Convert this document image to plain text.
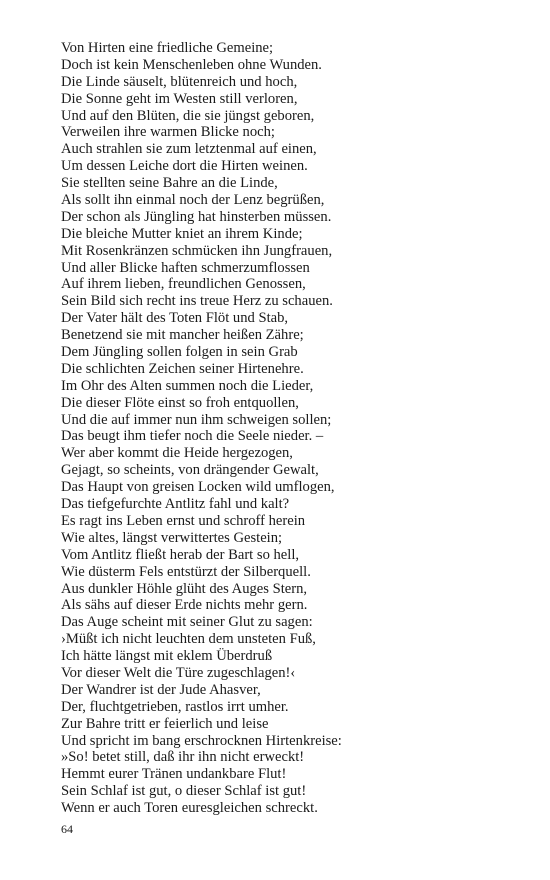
Von Hirten eine friedliche Gemeine;
Doch ist kein Menschenleben ohne Wunden.
Die Linde säuselt, blütenreich und hoch,
Die Sonne geht im Westen still verloren,
Und auf den Blüten, die sie jüngst geboren,
Verweilen ihre warmen Blicke noch;
Auch strahlen sie zum letztenmal auf einen,
Um dessen Leiche dort die Hirten weinen.
Sie stellten seine Bahre an die Linde,
Als sollt ihn einmal noch der Lenz begrüßen,
Der schon als Jüngling hat hinsterben müssen.
Die bleiche Mutter kniet an ihrem Kinde;
Mit Rosenkränzen schmücken ihn Jungfrauen,
Und aller Blicke haften schmerzumflossen
Auf ihrem lieben, freundlichen Genossen,
Sein Bild sich recht ins treue Herz zu schauen.
Der Vater hält des Toten Flöt und Stab,
Benetzend sie mit mancher heißen Zähre;
Dem Jüngling sollen folgen in sein Grab
Die schlichten Zeichen seiner Hirtenehre.
Im Ohr des Alten summen noch die Lieder,
Die dieser Flöte einst so froh entquollen,
Und die auf immer nun ihm schweigen sollen;
Das beugt ihm tiefer noch die Seele nieder. –
Wer aber kommt die Heide hergezogen,
Gejagt, so scheints, von drängender Gewalt,
Das Haupt von greisen Locken wild umflogen,
Das tiefgefurchte Antlitz fahl und kalt?
Es ragt ins Leben ernst und schroff herein
Wie altes, längst verwittertes Gestein;
Vom Antlitz fließt herab der Bart so hell,
Wie düsterm Fels entstürzt der Silberquell.
Aus dunkler Höhle glüht des Auges Stern,
Als sähs auf dieser Erde nichts mehr gern.
Das Auge scheint mit seiner Glut zu sagen:
›Müßt ich nicht leuchten dem unsteten Fuß,
Ich hätte längst mit eklem Überdruß
Vor dieser Welt die Türe zugeschlagen!‹
Der Wandrer ist der Jude Ahasver,
Der, fluchtgetrieben, rastlos irrt umher.
Zur Bahre tritt er feierlich und leise
Und spricht im bang erschrocknen Hirtenkreise:
»So! betet still, daß ihr ihn nicht erweckt!
Hemmt eurer Tränen undankbare Flut!
Sein Schlaf ist gut, o dieser Schlaf ist gut!
Wenn er auch Toren euresgleichen schreckt.
64
